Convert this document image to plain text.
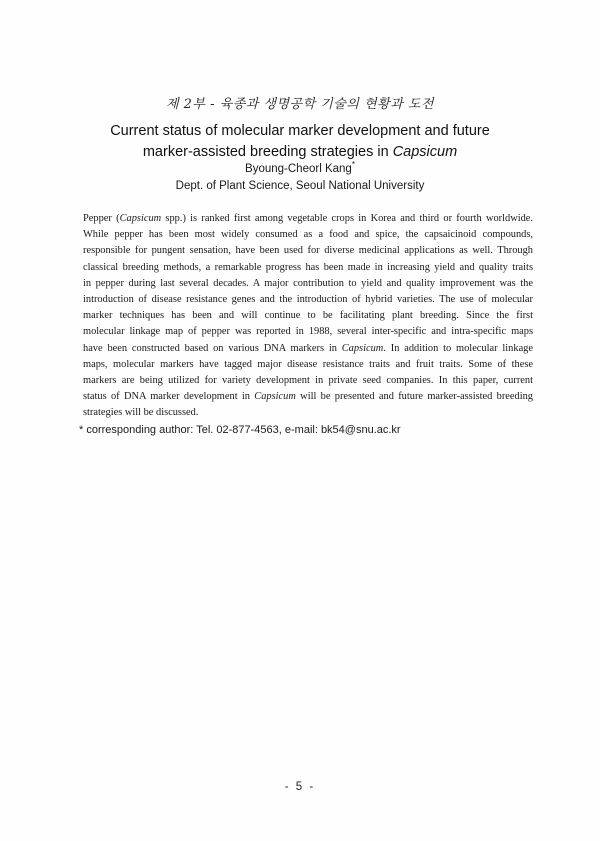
제 2부 - 육종과 생명공학 기술의 현황과 도전
Current status of molecular marker development and future
marker-assisted breeding strategies in Capsicum
Byoung-Cheorl Kang*
Dept. of Plant Science, Seoul National University
Pepper (Capsicum spp.) is ranked first among vegetable crops in Korea and third or fourth worldwide.
While pepper has been most widely consumed as a food and spice, the capsaicinoid compounds,
responsible for pungent sensation, have been used for diverse medicinal applications as well. Through
classical breeding methods, a remarkable progress has been made in increasing yield and quality traits
in pepper during last several decades. A major contribution to yield and quality improvement was the
introduction of disease resistance genes and the introduction of hybrid varieties. The use of molecular
marker techniques has been and will continue to be facilitating plant breeding. Since the first
molecular linkage map of pepper was reported in 1988, several inter-specific and intra-specific maps
have been constructed based on various DNA markers in Capsicum. In addition to molecular linkage
maps, molecular markers have tagged major disease resistance traits and fruit traits. Some of these
markers are being utilized for variety development in private seed companies. In this paper, current
status of DNA marker development in Capsicum will be presented and future marker-assisted breeding
strategies will be discussed.
* corresponding author: Tel. 02-877-4563, e-mail: bk54@snu.ac.kr
- 5 -
